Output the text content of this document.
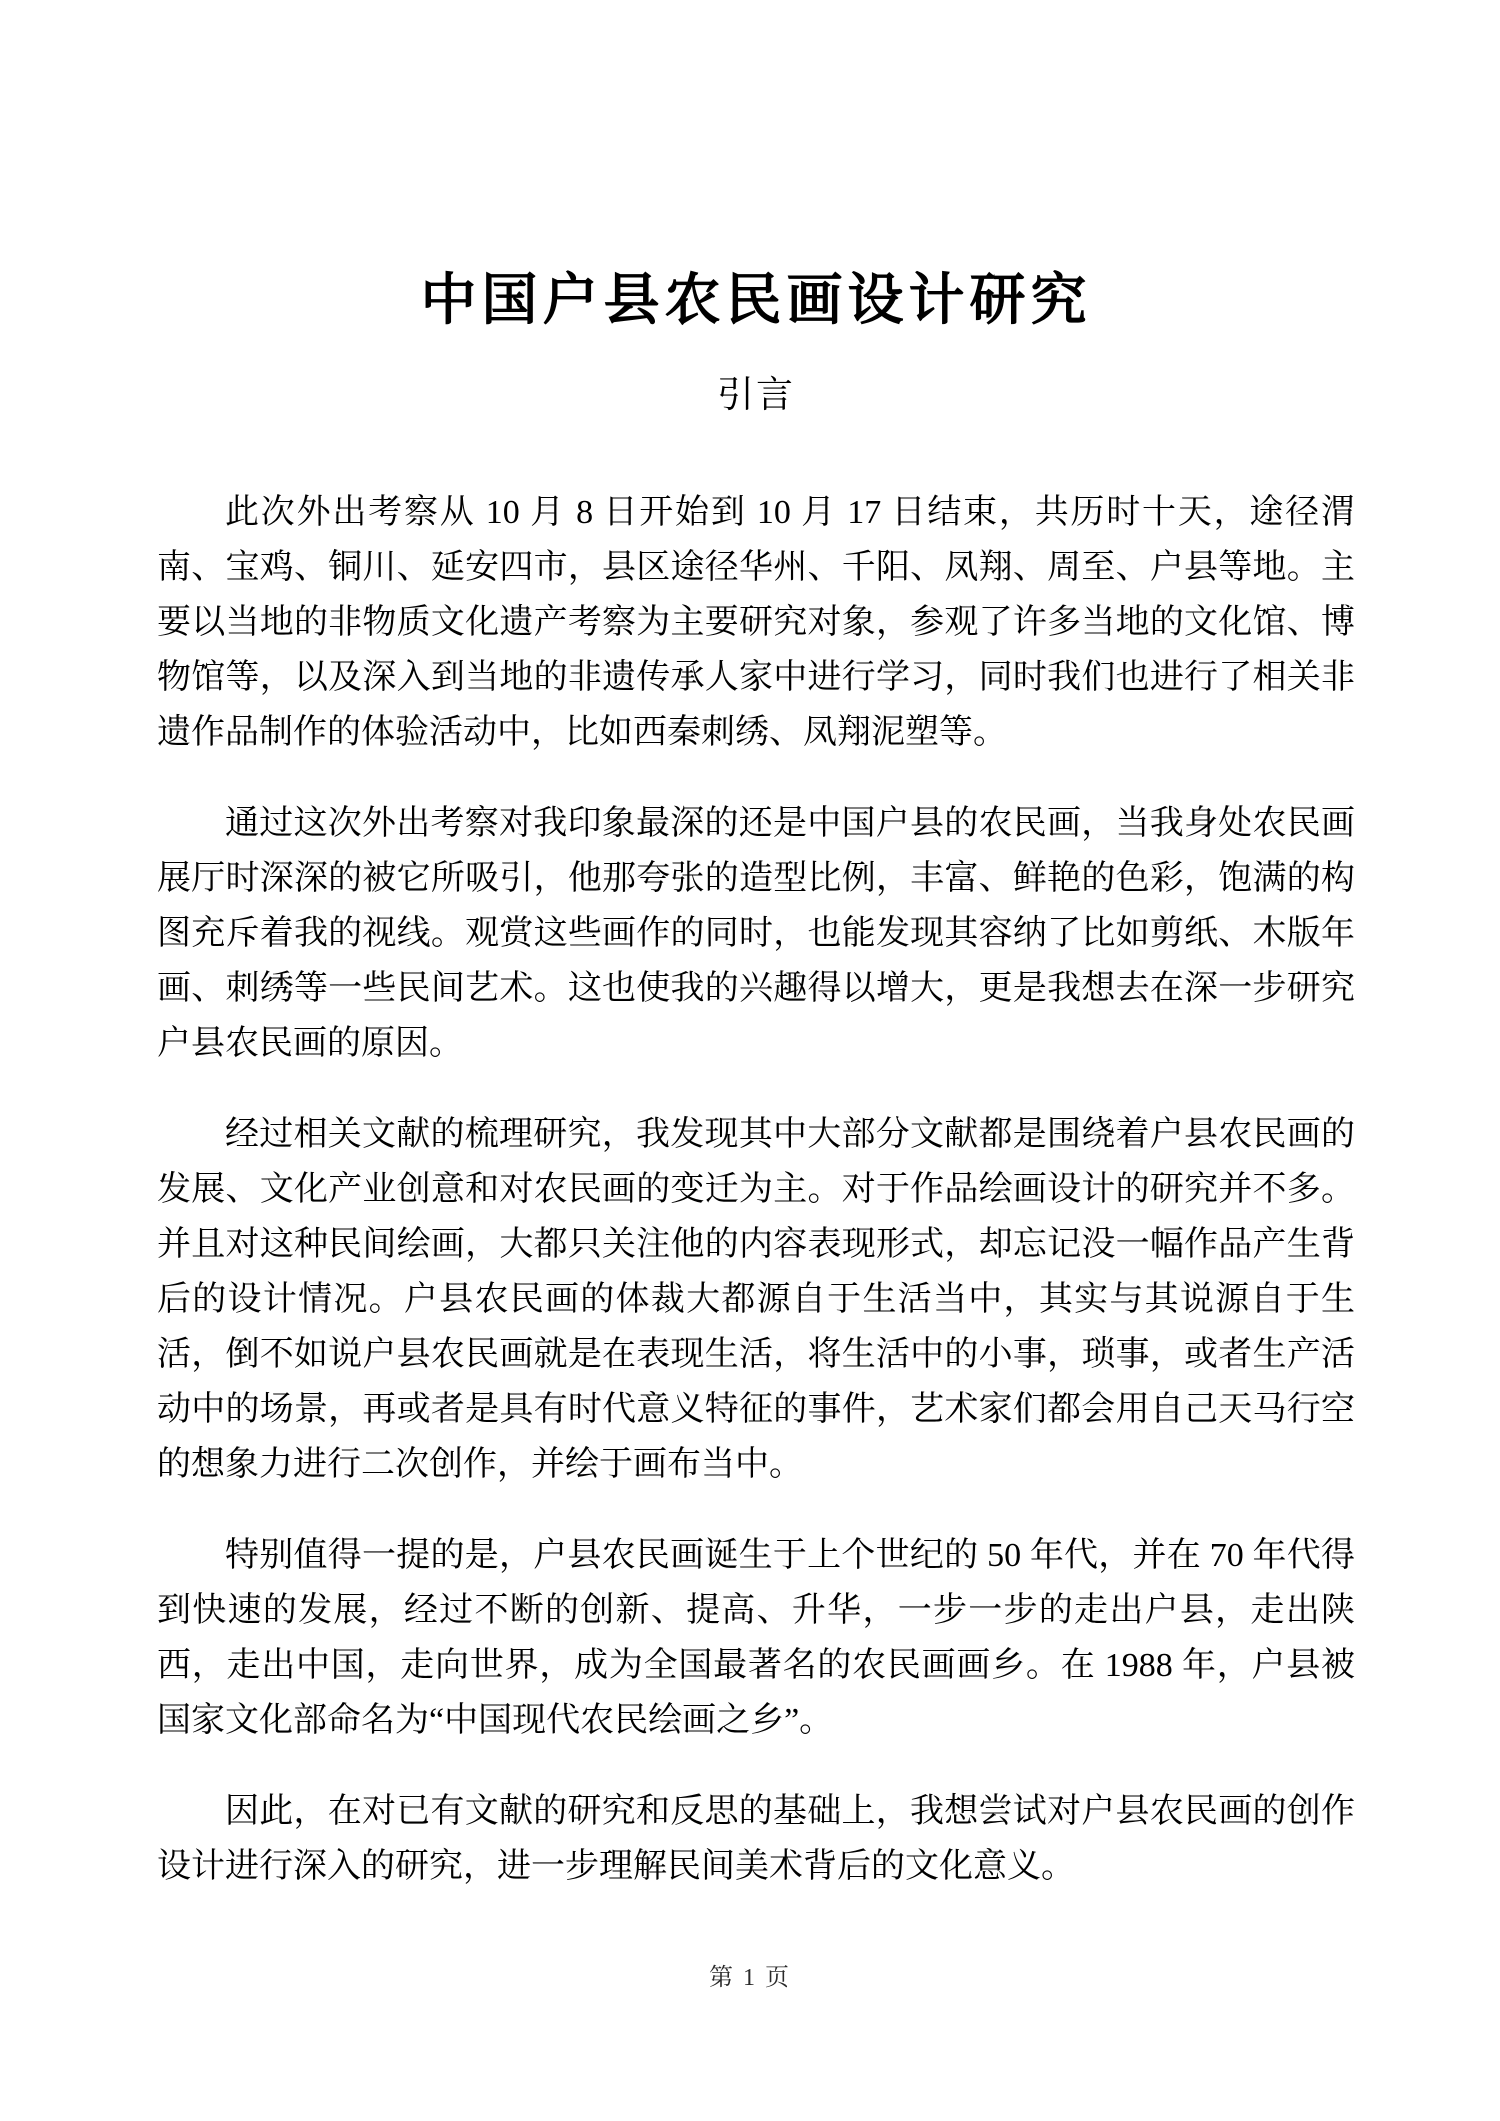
中国户县农民画设计研究
引言

此次外出考察从 10 月 8 日开始到 10 月 17 日结束，共历时十天，途径渭南、宝鸡、铜川、延安四市，县区途径华州、千阳、凤翔、周至、户县等地。主要以当地的非物质文化遗产考察为主要研究对象，参观了许多当地的文化馆、博物馆等，以及深入到当地的非遗传承人家中进行学习，同时我们也进行了相关非遗作品制作的体验活动中，比如西秦刺绣、凤翔泥塑等。

通过这次外出考察对我印象最深的还是中国户县的农民画，当我身处农民画展厅时深深的被它所吸引，他那夸张的造型比例，丰富、鲜艳的色彩，饱满的构图充斥着我的视线。观赏这些画作的同时，也能发现其容纳了比如剪纸、木版年画、刺绣等一些民间艺术。这也使我的兴趣得以增大，更是我想去在深一步研究户县农民画的原因。

经过相关文献的梳理研究，我发现其中大部分文献都是围绕着户县农民画的发展、文化产业创意和对农民画的变迁为主。对于作品绘画设计的研究并不多。并且对这种民间绘画，大都只关注他的内容表现形式，却忘记没一幅作品产生背后的设计情况。户县农民画的体裁大都源自于生活当中，其实与其说源自于生活，倒不如说户县农民画就是在表现生活，将生活中的小事，琐事，或者生产活动中的场景，再或者是具有时代意义特征的事件，艺术家们都会用自己天马行空的想象力进行二次创作，并绘于画布当中。

特别值得一提的是，户县农民画诞生于上个世纪的 50 年代，并在 70 年代得到快速的发展，经过不断的创新、提高、升华，一步一步的走出户县，走出陕西，走出中国，走向世界，成为全国最著名的农民画画乡。在 1988 年，户县被国家文化部命名为“中国现代农民绘画之乡”。

因此，在对已有文献的研究和反思的基础上，我想尝试对户县农民画的创作设计进行深入的研究，进一步理解民间美术背后的文化意义。

第 1 页
